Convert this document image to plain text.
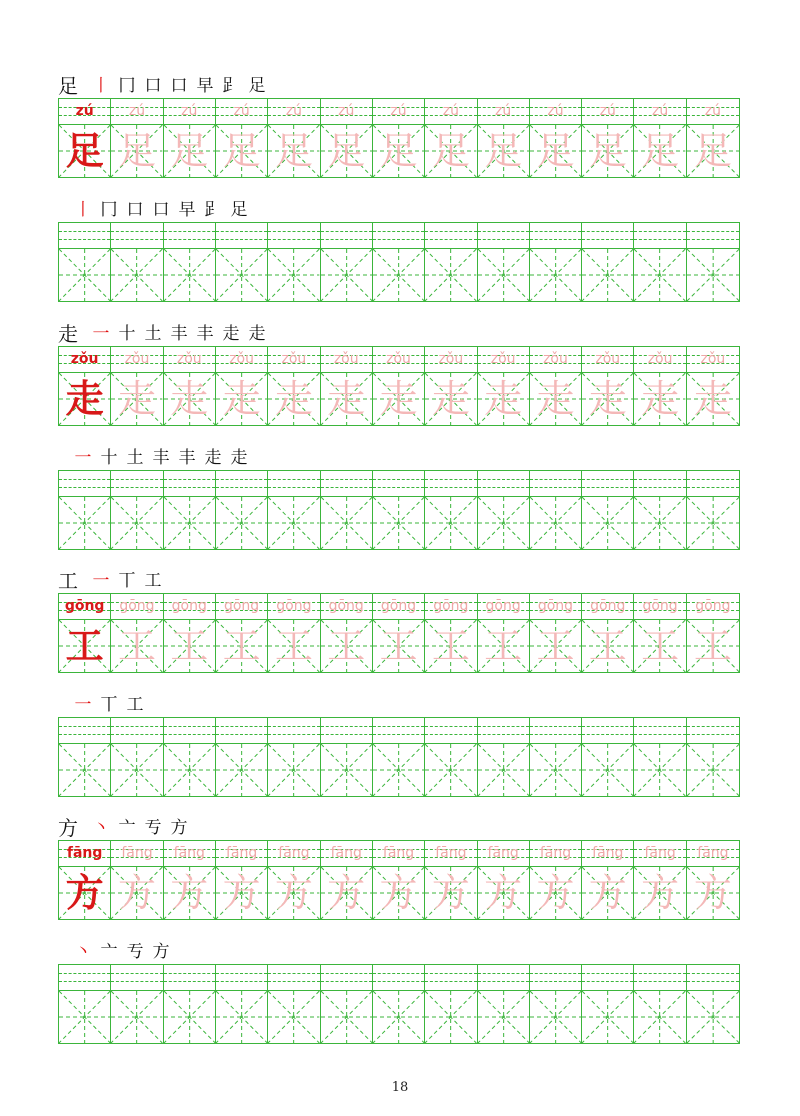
足 丨 冂 口 口 早 𧾷 足
zú
足
zú
足
zú
足
zú
足
zú
足
zú
足
zú
足
zú
足
zú
足
zú
足
zú
足
zú
足
zú
足
丨 冂 口 口 早 𧾷 足
走 一 十 土 丰 丰 走 走
zǒu
走
zǒu
走
zǒu
走
zǒu
走
zǒu
走
zǒu
走
zǒu
走
zǒu
走
zǒu
走
zǒu
走
zǒu
走
zǒu
走
zǒu
走
一 十 土 丰 丰 走 走
工 一 丅 工
gōng
工
gōng
工
gōng
工
gōng
工
gōng
工
gōng
工
gōng
工
gōng
工
gōng
工
gōng
工
gōng
工
gōng
工
gōng
工
一 丅 工
方 丶 亠 亐 方
fāng
方
fāng
方
fāng
方
fāng
方
fāng
方
fāng
方
fāng
方
fāng
方
fāng
方
fāng
方
fāng
方
fāng
方
fāng
方
丶 亠 亐 方
18
